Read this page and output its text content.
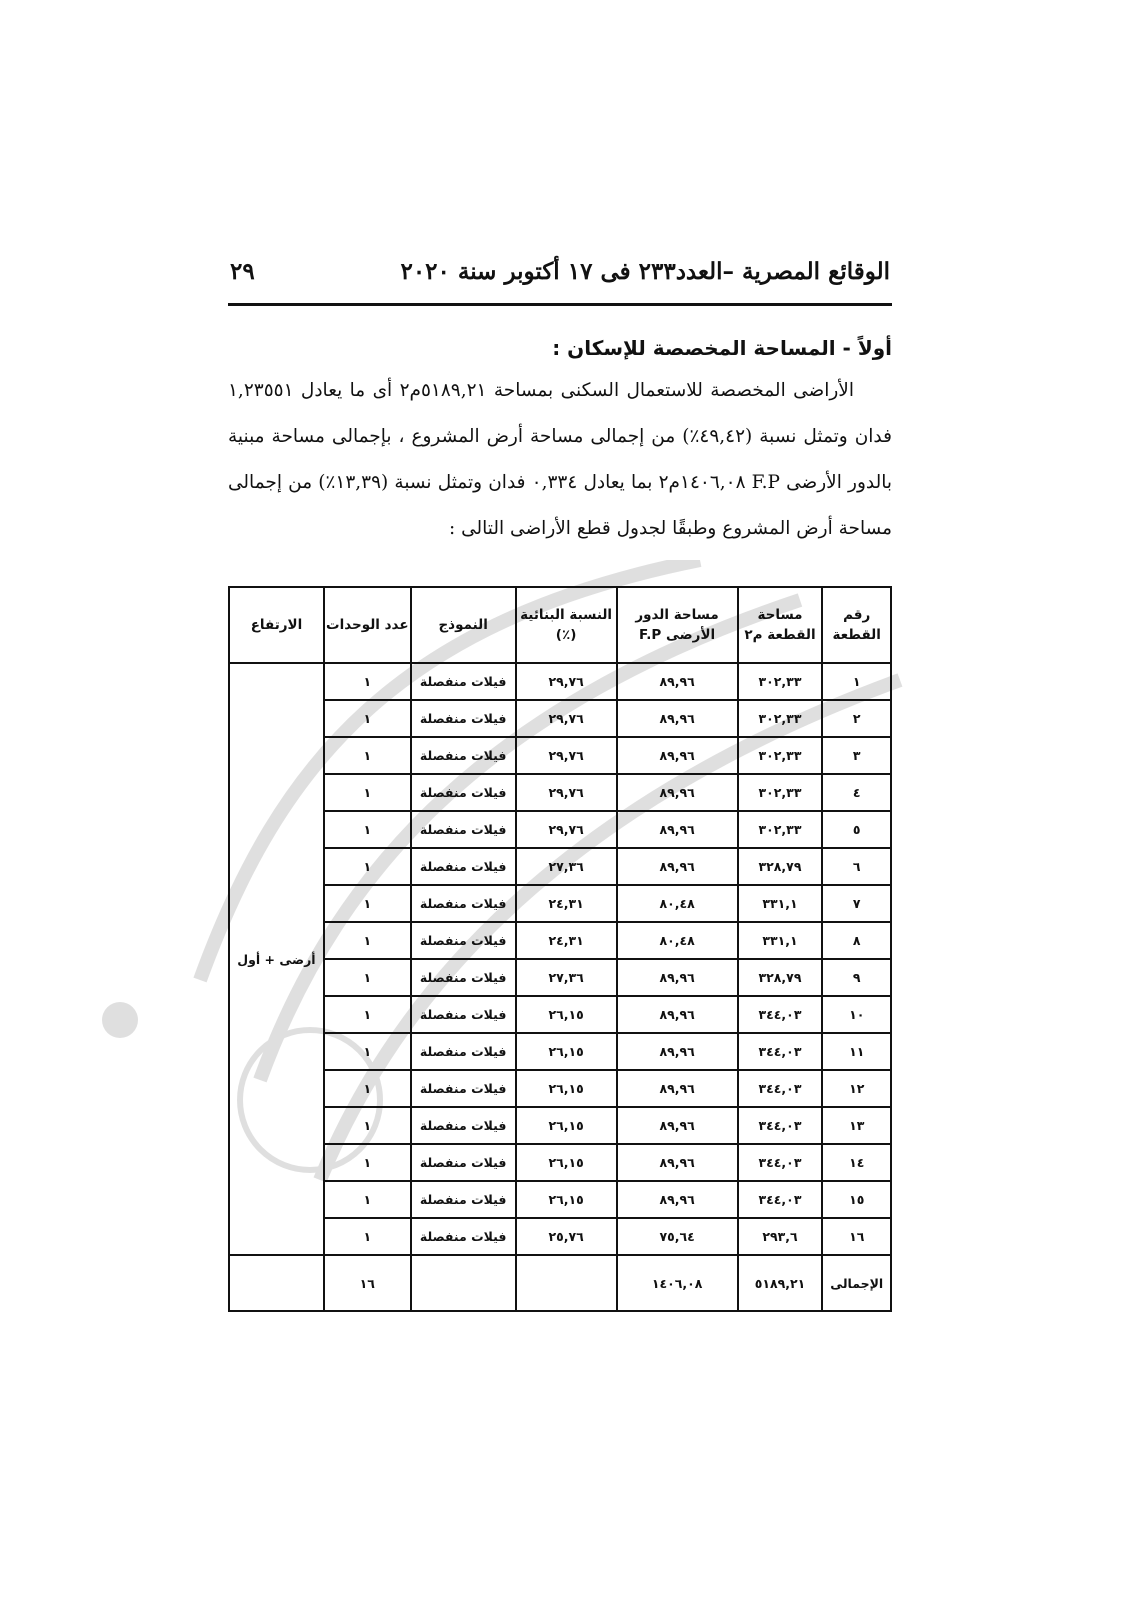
الوقائع المصرية –العدد٢٣٣ فى ١٧ أكتوبر سنة ٢٠٢٠
٢٩
أولاً - المساحة المخصصة للإسكان :

الأراضى المخصصة للاستعمال السكنى بمساحة ٥١٨٩,٢١م٢ أى ما يعادل ١,٢٣٥٥١ فدان وتمثل نسبة (٤٩,٤٢٪) من إجمالى مساحة أرض المشروع ، بإجمالى مساحة مبنية بالدور الأرضى F.P ١٤٠٦,٠٨م٢ بما يعادل ٠,٣٣٤ فدان وتمثل نسبة (١٣,٣٩٪) من إجمالى مساحة أرض المشروع وطبقًا لجدول قطع الأراضى التالى :

رقم القطعة	مساحة القطعة م٢	مساحة الدور الأرضى F.P	النسبة البنائية (٪)	النموذج	عدد الوحدات	الارتفاع
١	٣٠٢,٣٣	٨٩,٩٦	٢٩,٧٦	فيلات منفصلة	١	أرضى + أول
٢	٣٠٢,٣٣	٨٩,٩٦	٢٩,٧٦	فيلات منفصلة	١	
٣	٣٠٢,٣٣	٨٩,٩٦	٢٩,٧٦	فيلات منفصلة	١	
٤	٣٠٢,٣٣	٨٩,٩٦	٢٩,٧٦	فيلات منفصلة	١	
٥	٣٠٢,٣٣	٨٩,٩٦	٢٩,٧٦	فيلات منفصلة	١	
٦	٣٢٨,٧٩	٨٩,٩٦	٢٧,٣٦	فيلات منفصلة	١	
٧	٣٣١,١	٨٠,٤٨	٢٤,٣١	فيلات منفصلة	١	
٨	٣٣١,١	٨٠,٤٨	٢٤,٣١	فيلات منفصلة	١	
٩	٣٢٨,٧٩	٨٩,٩٦	٢٧,٣٦	فيلات منفصلة	١	
١٠	٣٤٤,٠٣	٨٩,٩٦	٢٦,١٥	فيلات منفصلة	١	
١١	٣٤٤,٠٣	٨٩,٩٦	٢٦,١٥	فيلات منفصلة	١	
١٢	٣٤٤,٠٣	٨٩,٩٦	٢٦,١٥	فيلات منفصلة	١	
١٣	٣٤٤,٠٣	٨٩,٩٦	٢٦,١٥	فيلات منفصلة	١	
١٤	٣٤٤,٠٣	٨٩,٩٦	٢٦,١٥	فيلات منفصلة	١	
١٥	٣٤٤,٠٣	٨٩,٩٦	٢٦,١٥	فيلات منفصلة	١	
١٦	٢٩٣,٦	٧٥,٦٤	٢٥,٧٦	فيلات منفصلة	١	
الإجمالى	٥١٨٩,٢١	١٤٠٦,٠٨			١٦	
